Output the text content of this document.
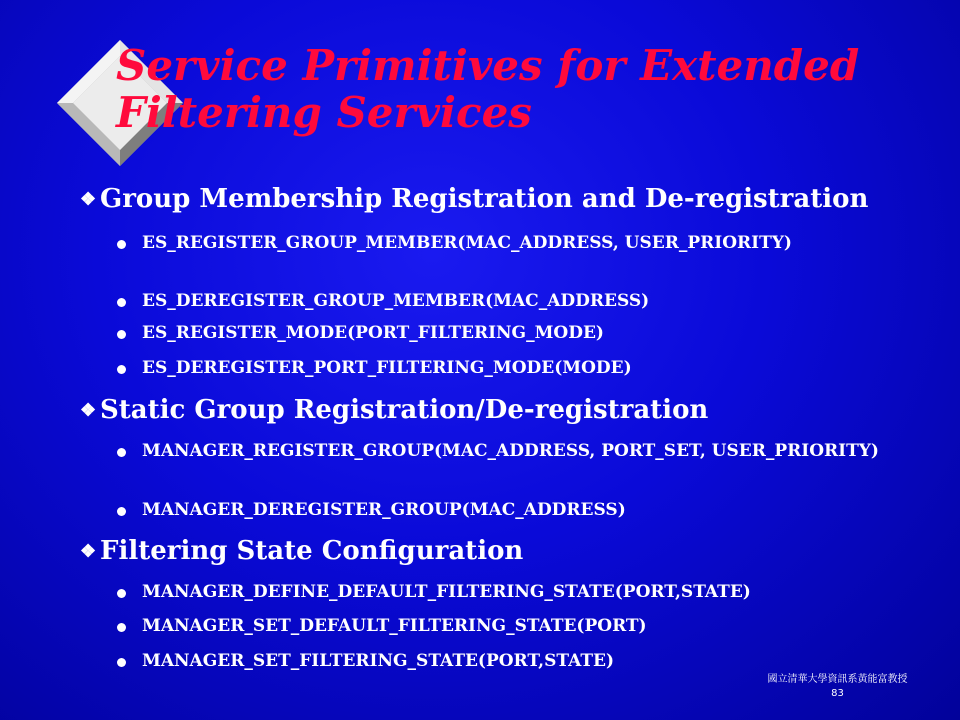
Service Primitives for Extended
Filtering Services
❖ Group Membership Registration and De-registration
ES_REGISTER_GROUP_MEMBER(MAC_ADDRESS, USER_PRIORITY)
ES_DEREGISTER_GROUP_MEMBER(MAC_ADDRESS)
ES_REGISTER_MODE(PORT_FILTERING_MODE)
ES_DEREGISTER_PORT_FILTERING_MODE(MODE)
❖ Static Group Registration/De-registration
MANAGER_REGISTER_GROUP(MAC_ADDRESS, PORT_SET, USER_PRIORITY)
MANAGER_DEREGISTER_GROUP(MAC_ADDRESS)
❖ Filtering State Configuration
MANAGER_DEFINE_DEFAULT_FILTERING_STATE(PORT,STATE)
MANAGER_SET_DEFAULT_FILTERING_STATE(PORT)
MANAGER_SET_FILTERING_STATE(PORT,STATE)
國立清華大學資訊系黃能富教授
83
